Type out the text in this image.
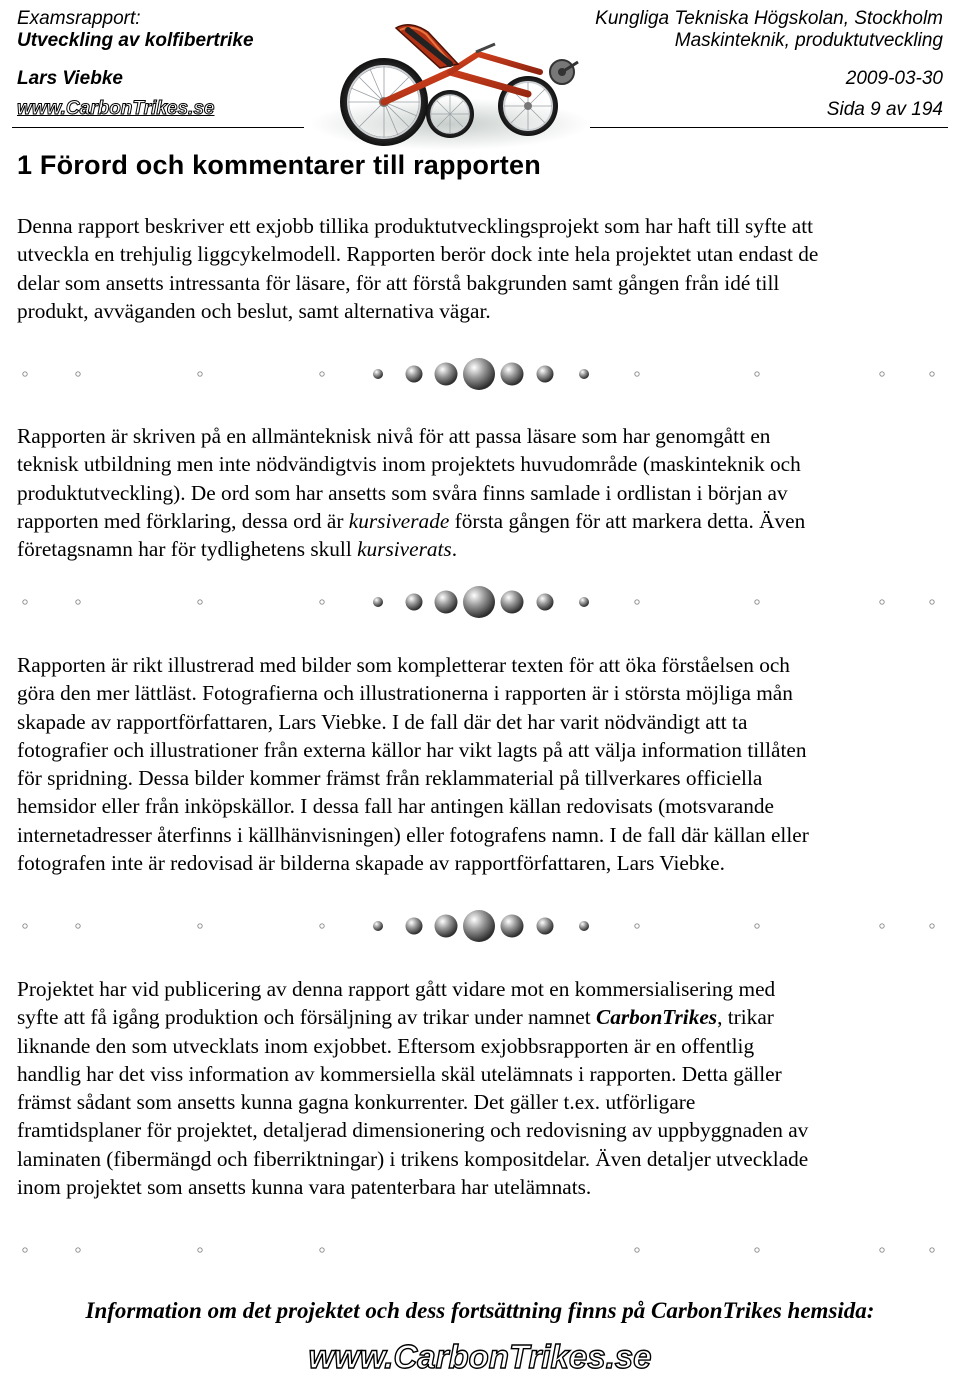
Examsrapport:
Utveckling av kolfibertrike
Lars Viebke
www.CarbonTrikes.se
Kungliga Tekniska Högskolan, Stockholm
Maskinteknik, produktutveckling
2009-03-30
Sida 9 av 194
1 Förord och kommentarer till rapporten
Denna rapport beskriver ett exjobb tillika produktutvecklingsprojekt som har haft till syfte att
utveckla en trehjulig liggcykelmodell. Rapporten berör dock inte hela projektet utan endast de
delar som ansetts intressanta för läsare, för att förstå bakgrunden samt gången från idé till
produkt, avväganden och beslut, samt alternativa vägar.
Rapporten är skriven på en allmänteknisk nivå för att passa läsare som har genomgått en
teknisk utbildning men inte nödvändigtvis inom projektets huvudområde (maskinteknik och
produktutveckling). De ord som har ansetts som svåra finns samlade i ordlistan i början av
rapporten med förklaring, dessa ord är kursiverade första gången för att markera detta. Även
företagsnamn har för tydlighetens skull kursiverats.
Rapporten är rikt illustrerad med bilder som kompletterar texten för att öka förståelsen och
göra den mer lättläst. Fotografierna och illustrationerna i rapporten är i största möjliga mån
skapade av rapportförfattaren, Lars Viebke. I de fall där det har varit nödvändigt att ta
fotografier och illustrationer från externa källor har vikt lagts på att välja information tillåten
för spridning. Dessa bilder kommer främst från reklammaterial på tillverkares officiella
hemsidor eller från inköpskällor. I dessa fall har antingen källan redovisats (motsvarande
internetadresser återfinns i källhänvisningen) eller fotografens namn. I de fall där källan eller
fotografen inte är redovisad är bilderna skapade av rapportförfattaren, Lars Viebke.
Projektet har vid publicering av denna rapport gått vidare mot en kommersialisering med
syfte att få igång produktion och försäljning av trikar under namnet CarbonTrikes, trikar
liknande den som utvecklats inom exjobbet. Eftersom exjobbsrapporten är en offentlig
handlig har det viss information av kommersiella skäl utelämnats i rapporten. Detta gäller
främst sådant som ansetts kunna gagna konkurrenter. Det gäller t.ex. utförligare
framtidsplaner för projektet, detaljerad dimensionering och redovisning av uppbyggnaden av
laminaten (fibermängd och fiberriktningar) i trikens kompositdelar. Även detaljer utvecklade
inom projektet som ansetts kunna vara patenterbara har utelämnats.
Information om det projektet och dess fortsättning finns på CarbonTrikes hemsida:
www.CarbonTrikes.se
